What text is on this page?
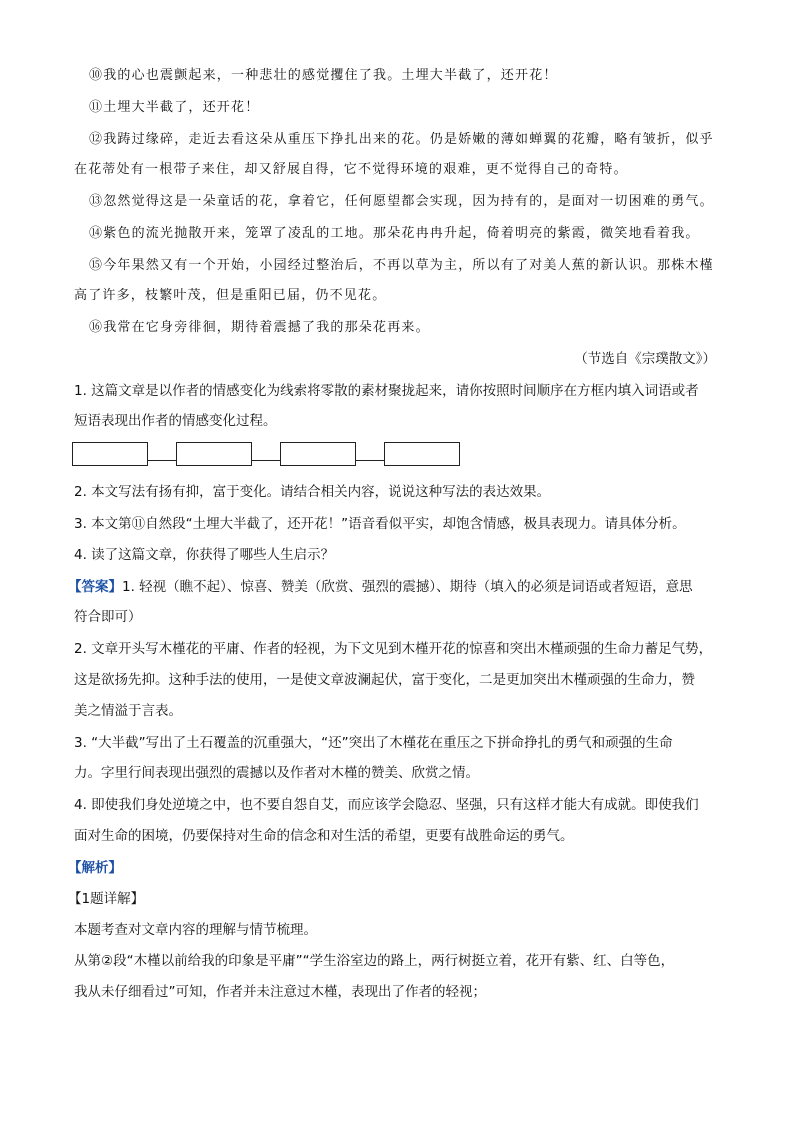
⑩我的心也震颤起来，一种悲壮的感觉攫住了我。土埋大半截了，还开花！
⑪土埋大半截了，还开花！
⑫我踌过缘碎，走近去看这朵从重压下挣扎出来的花。仍是娇嫩的薄如蝉翼的花瓣，略有皱折，似乎
在花蒂处有一根带子来住，却又舒展自得，它不觉得环境的艰难，更不觉得自己的奇特。
⑬忽然觉得这是一朵童话的花，拿着它，任何愿望都会实现，因为持有的，是面对一切困难的勇气。
⑭紫色的流光抛散开来，笼罩了凌乱的工地。那朵花冉冉升起，倚着明亮的紫霞，微笑地看着我。
⑮今年果然又有一个开始，小园经过整治后，不再以草为主，所以有了对美人蕉的新认识。那株木槿
高了许多，枝繁叶茂，但是重阳已届，仍不见花。
⑯我常在它身旁徘徊，期待着震撼了我的那朵花再来。
（节选自《宗璞散文》）
1. 这篇文章是以作者的情感变化为线索将零散的素材聚拢起来，请你按照时间顺序在方框内填入词语或者
短语表现出作者的情感变化过程。
2. 本文写法有扬有抑，富于变化。请结合相关内容，说说这种写法的表达效果。
3. 本文第⑪自然段“土埋大半截了，还开花！”语音看似平实，却饱含情感，极具表现力。请具体分析。
4. 读了这篇文章，你获得了哪些人生启示？
【答案】1. 轻视（瞧不起）、惊喜、赞美（欣赏、强烈的震撼）、期待（填入的必须是词语或者短语，意思
符合即可）
2. 文章开头写木槿花的平庸、作者的轻视，为下文见到木槿开花的惊喜和突出木槿顽强的生命力蓄足气势，
这是欲扬先抑。这种手法的使用，一是使文章波澜起伏，富于变化，二是更加突出木槿顽强的生命力，赞
美之情溢于言表。
3. “大半截”写出了土石覆盖的沉重强大，“还”突出了木槿花在重压之下拼命挣扎的勇气和顽强的生命
力。字里行间表现出强烈的震撼以及作者对木槿的赞美、欣赏之情。
4. 即使我们身处逆境之中，也不要自怨自艾，而应该学会隐忍、坚强，只有这样才能大有成就。即使我们
面对生命的困境，仍要保持对生命的信念和对生活的希望，更要有战胜命运的勇气。
【解析】
【1题详解】
本题考查对文章内容的理解与情节梳理。
从第②段“木槿以前给我的印象是平庸”“学生浴室边的路上，两行树挺立着，花开有紫、红、白等色，
我从未仔细看过”可知，作者并未注意过木槿，表现出了作者的轻视；
